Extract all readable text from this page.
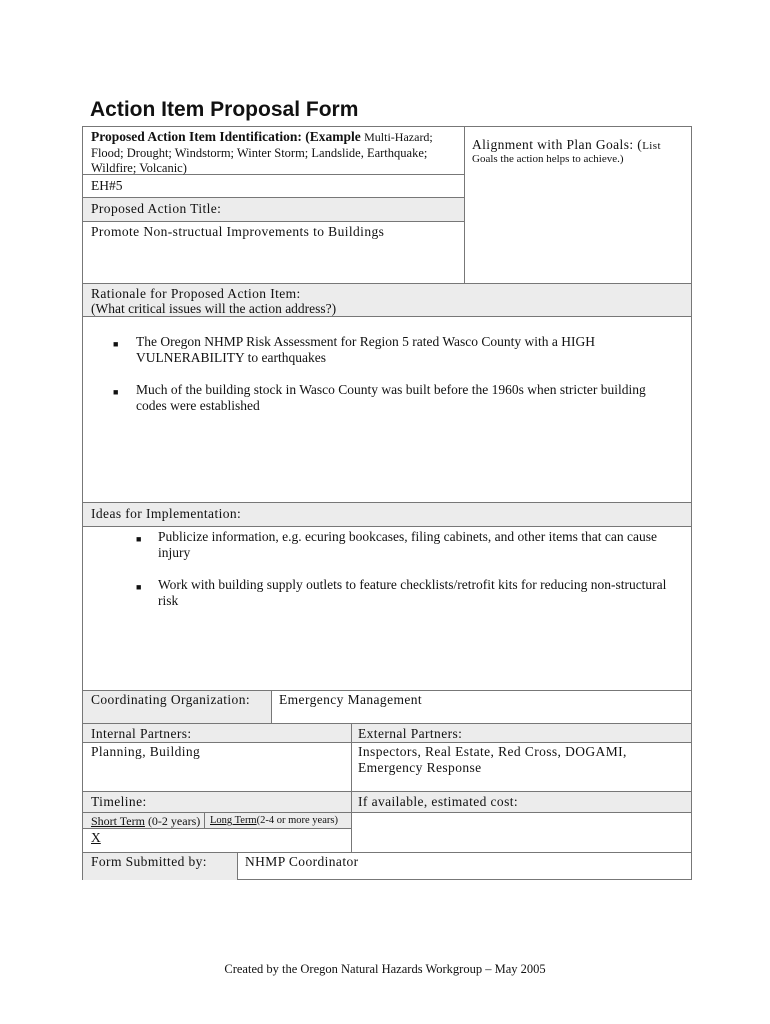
Action Item Proposal Form
Proposed Action Item Identification: (Example Multi-Hazard;
Flood; Drought; Windstorm; Winter Storm; Landslide, Earthquake;
Wildfire; Volcanic)
EH#5
Alignment with Plan Goals: (List
Goals the action helps to achieve.)
Proposed Action Title:
Promote Non-structual Improvements to Buildings
Rationale for Proposed Action Item:
(What critical issues will the action address?)
■ The Oregon NHMP Risk Assessment for Region 5 rated Wasco County with a HIGH
VULNERABILITY to earthquakes
■ Much of the building stock in Wasco County was built before the 1960s when stricter building
codes were established
Ideas for Implementation:
■ Publicize information, e.g. ecuring bookcases, filing cabinets, and other items that can cause
injury
■ Work with building supply outlets to feature checklists/retrofit kits for reducing non-structural
risk
Coordinating Organization: Emergency Management
Internal Partners:
Planning, Building
External Partners:
Inspectors, Real Estate, Red Cross, DOGAMI,
Emergency Response
Timeline:	If available, estimated cost:
Short Term (0-2 years) Long Term(2-4 or more years)
X
Form Submitted by:	NHMP Coordinator
Created by the Oregon Natural Hazards Workgroup – May 2005
